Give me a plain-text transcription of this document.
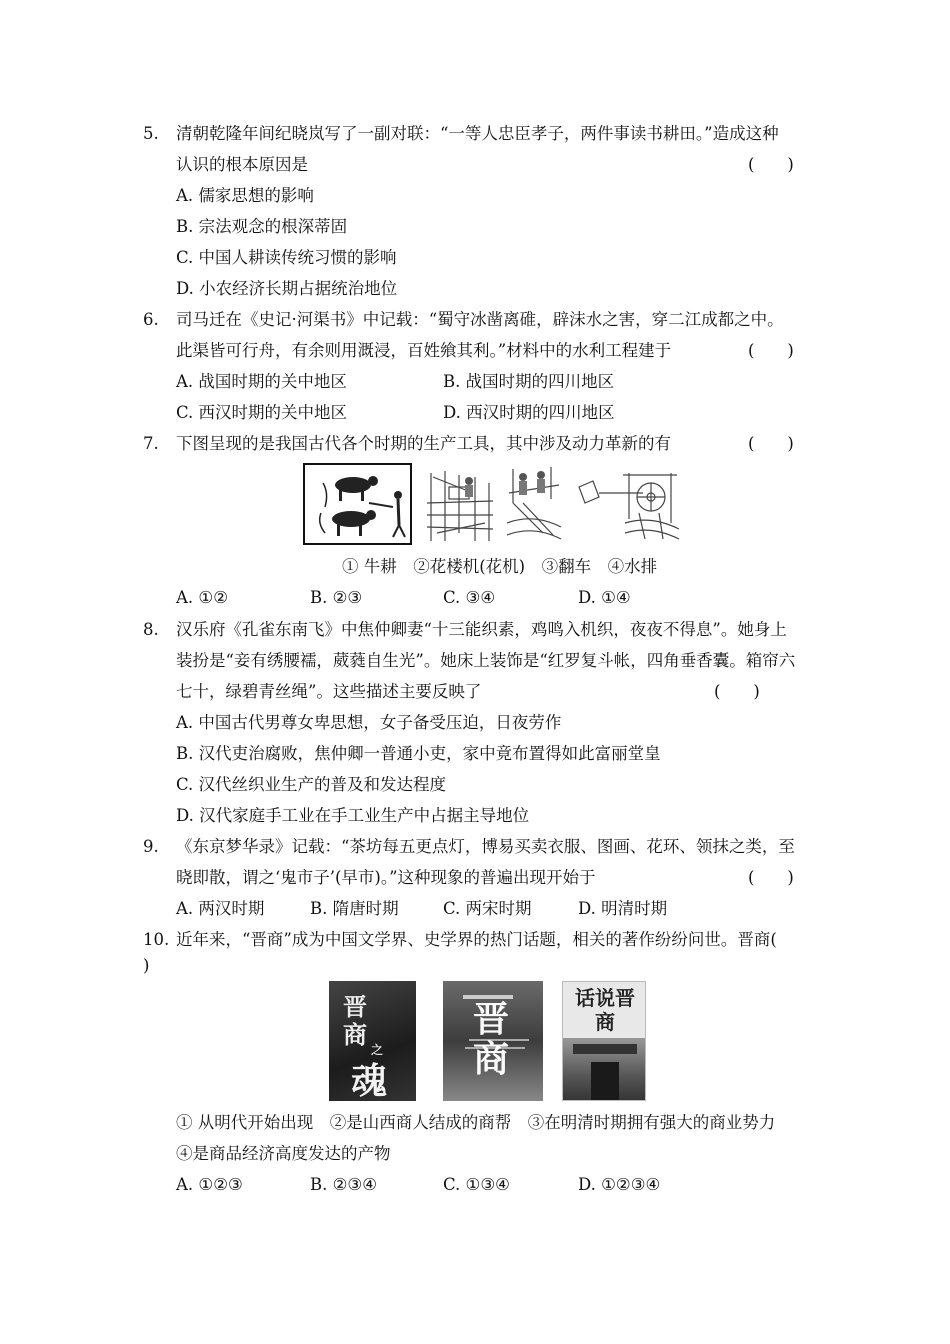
5. 清朝乾隆年间纪晓岚写了一副对联：“一等人忠臣孝子，两件事读书耕田。”造成这种
认识的根本原因是	(　　)
A. 儒家思想的影响
B. 宗法观念的根深蒂固
C. 中国人耕读传统习惯的影响
D. 小农经济长期占据统治地位
6. 司马迁在《史记·河渠书》中记载：“蜀守冰凿离碓，辟沫水之害，穿二江成都之中。
此渠皆可行舟，有余则用溉浸，百姓飨其利。”材料中的水利工程建于	(　　)
A. 战国时期的关中地区	B. 战国时期的四川地区
C. 西汉时期的关中地区	D. 西汉时期的四川地区
7. 下图呈现的是我国古代各个时期的生产工具，其中涉及动力革新的有	(　　)
① 牛耕　②花楼机(花机)　③翻车　④水排
A. ①②	B. ②③	C. ③④	D. ①④
8. 汉乐府《孔雀东南飞》中焦仲卿妻“十三能织素，鸡鸣入机织，夜夜不得息”。她身上
装扮是“妾有绣腰襦，葳蕤自生光”。她床上装饰是“红罗复斗帐，四角垂香囊。箱帘六
七十，绿碧青丝绳”。这些描述主要反映了	(　　)
A. 中国古代男尊女卑思想，女子备受压迫，日夜劳作
B. 汉代吏治腐败，焦仲卿一普通小吏，家中竟布置得如此富丽堂皇
C. 汉代丝织业生产的普及和发达程度
D. 汉代家庭手工业在手工业生产中占据主导地位
9. 《东京梦华录》记载：“茶坊每五更点灯，博易买卖衣服、图画、花环、领抹之类，至
晓即散，谓之‘鬼市子’(早市)。”这种现象的普遍出现开始于	(　　)
A. 两汉时期	B. 隋唐时期	C. 两宋时期	D. 明清时期
10. 近年来，“晋商”成为中国文学界、史学界的热门话题，相关的著作纷纷问世。晋商(
)
晋
商
之
魂
晋商
话说晋商
① 从明代开始出现　②是山西商人结成的商帮　③在明清时期拥有强大的商业势力
④是商品经济高度发达的产物
A. ①②③	B. ②③④	C. ①③④	D. ①②③④
